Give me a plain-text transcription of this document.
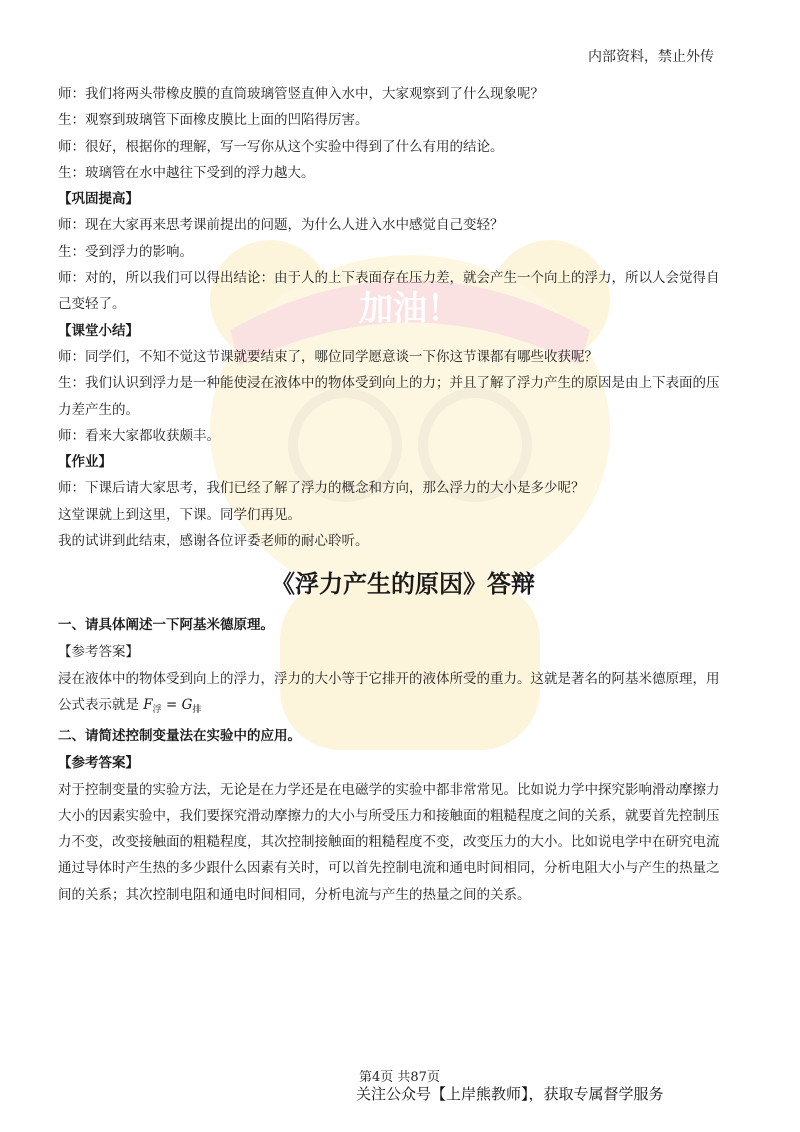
加油！
内部资料，禁止外传

师：我们将两头带橡皮膜的直筒玻璃管竖直伸入水中，大家观察到了什么现象呢？

生：观察到玻璃管下面橡皮膜比上面的凹陷得厉害。

师：很好，根据你的理解，写一写你从这个实验中得到了什么有用的结论。

生：玻璃管在水中越往下受到的浮力越大。

【巩固提高】

师：现在大家再来思考课前提出的问题，为什么人进入水中感觉自己变轻？

生：受到浮力的影响。

师：对的，所以我们可以得出结论：由于人的上下表面存在压力差，就会产生一个向上的浮力，所以人会觉得自

己变轻了。

【课堂小结】

师：同学们，不知不觉这节课就要结束了，哪位同学愿意谈一下你这节课都有哪些收获呢？

生：我们认识到浮力是一种能使浸在液体中的物体受到向上的力；并且了解了浮力产生的原因是由上下表面的压

力差产生的。

师：看来大家都收获颇丰。

【作业】

师：下课后请大家思考，我们已经了解了浮力的概念和方向，那么浮力的大小是多少呢？

这堂课就上到这里，下课。同学们再见。

我的试讲到此结束，感谢各位评委老师的耐心聆听。

《浮力产生的原因》答辩

一、请具体阐述一下阿基米德原理。

【参考答案】

浸在液体中的物体受到向上的浮力，浮力的大小等于它排开的液体所受的重力。这就是著名的阿基米德原理，用

公式表示就是 $F_浮 = G_排$

二、请简述控制变量法在实验中的应用。

【参考答案】

对于控制变量的实验方法，无论是在力学还是在电磁学的实验中都非常常见。比如说力学中探究影响滑动摩擦力

大小的因素实验中，我们要探究滑动摩擦力的大小与所受压力和接触面的粗糙程度之间的关系，就要首先控制压

力不变，改变接触面的粗糙程度，其次控制接触面的粗糙程度不变，改变压力的大小。比如说电学中在研究电流

通过导体时产生热的多少跟什么因素有关时，可以首先控制电流和通电时间相同，分析电阻大小与产生的热量之

间的关系；其次控制电阻和通电时间相同，分析电流与产生的热量之间的关系。

第4页 共87页
关注公众号【上岸熊教师】，获取专属督学服务
